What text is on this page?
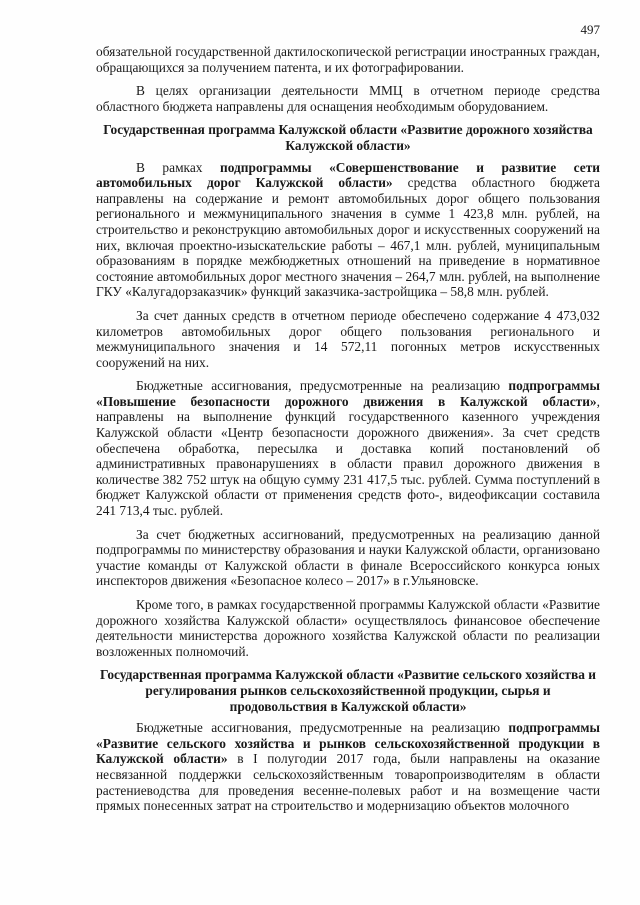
497

обязательной государственной дактилоскопической регистрации иностранных граждан, обращающихся за получением патента, и их фотографировании.

В целях организации деятельности ММЦ в отчетном периоде средства областного бюджета направлены для оснащения необходимым оборудованием.

Государственная программа Калужской области «Развитие дорожного хозяйства Калужской области»

В рамках подпрограммы «Совершенствование и развитие сети автомобильных дорог Калужской области» средства областного бюджета направлены на содержание и ремонт автомобильных дорог общего пользования регионального и межмуниципального значения в сумме 1 423,8 млн. рублей, на строительство и реконструкцию автомобильных дорог и искусственных сооружений на них, включая проектно-изыскательские работы – 467,1 млн. рублей, муниципальным образованиям в порядке межбюджетных отношений на приведение в нормативное состояние автомобильных дорог местного значения – 264,7 млн. рублей, на выполнение ГКУ «Калугадорзаказчик» функций заказчика-застройщика – 58,8 млн. рублей.

За счет данных средств в отчетном периоде обеспечено содержание 4 473,032 километров автомобильных дорог общего пользования регионального и межмуниципального значения и 14 572,11 погонных метров искусственных сооружений на них.

Бюджетные ассигнования, предусмотренные на реализацию подпрограммы «Повышение безопасности дорожного движения в Калужской области», направлены на выполнение функций государственного казенного учреждения Калужской области «Центр безопасности дорожного движения». За счет средств обеспечена обработка, пересылка и доставка копий постановлений об административных правонарушениях в области правил дорожного движения в количестве 382 752 штук на общую сумму 231 417,5 тыс. рублей. Сумма поступлений в бюджет Калужской области от применения средств фото-, видеофиксации составила 241 713,4 тыс. рублей.

За счет бюджетных ассигнований, предусмотренных на реализацию данной подпрограммы по министерству образования и науки Калужской области, организовано участие команды от Калужской области в финале Всероссийского конкурса юных инспекторов движения «Безопасное колесо – 2017» в г.Ульяновске.

Кроме того, в рамках государственной программы Калужской области «Развитие дорожного хозяйства Калужской области» осуществлялось финансовое обеспечение деятельности министерства дорожного хозяйства Калужской области по реализации возложенных полномочий.

Государственная программа Калужской области «Развитие сельского хозяйства и регулирования рынков сельскохозяйственной продукции, сырья и продовольствия в Калужской области»

Бюджетные ассигнования, предусмотренные на реализацию подпрограммы «Развитие сельского хозяйства и рынков сельскохозяйственной продукции в Калужской области» в I полугодии 2017 года, были направлены на оказание несвязанной поддержки сельскохозяйственным товаропроизводителям в области растениеводства для проведения весенне-полевых работ и на возмещение части прямых понесенных затрат на строительство и модернизацию объектов молочного
